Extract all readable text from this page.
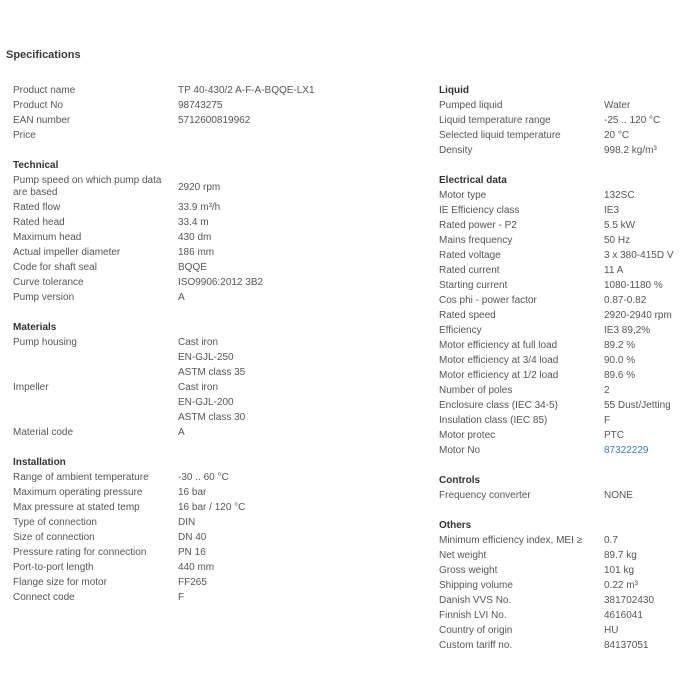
Specifications
Product name	TP 40-430/2 A-F-A-BQQE-LX1
Product No	98743275
EAN number	5712600819962
Price
Technical
Pump speed on which pump data are based	2920 rpm
Rated flow	33.9 m³/h
Rated head	33.4 m
Maximum head	430 dm
Actual impeller diameter	186 mm
Code for shaft seal	BQQE
Curve tolerance	ISO9906:2012 3B2
Pump version	A
Materials
Pump housing	Cast iron
EN-GJL-250
ASTM class 35
Impeller	Cast iron
EN-GJL-200
ASTM class 30
Material code	A
Installation
Range of ambient temperature	-30 .. 60 °C
Maximum operating pressure	16 bar
Max pressure at stated temp	16 bar / 120 °C
Type of connection	DIN
Size of connection	DN 40
Pressure rating for connection	PN 16
Port-to-port length	440 mm
Flange size for motor	FF265
Connect code	F
Liquid
Pumped liquid	Water
Liquid temperature range	-25 .. 120 °C
Selected liquid temperature	20 °C
Density	998.2 kg/m³
Electrical data
Motor type	132SC
IE Efficiency class	IE3
Rated power - P2	5.5 kW
Mains frequency	50 Hz
Rated voltage	3 x 380-415D V
Rated current	11 A
Starting current	1080-1180 %
Cos phi - power factor	0.87-0.82
Rated speed	2920-2940 rpm
Efficiency	IE3 89,2%
Motor efficiency at full load	89.2 %
Motor efficiency at 3/4 load	90.0 %
Motor efficiency at 1/2 load	89.6 %
Number of poles	2
Enclosure class (IEC 34-5)	55 Dust/Jetting
Insulation class (IEC 85)	F
Motor protec	PTC
Motor No	87322229
Controls
Frequency converter	NONE
Others
Minimum efficiency index, MEI ≥	0.7
Net weight	89.7 kg
Gross weight	101 kg
Shipping volume	0.22 m³
Danish VVS No.	381702430
Finnish LVI No.	4616041
Country of origin	HU
Custom tariff no.	84137051
